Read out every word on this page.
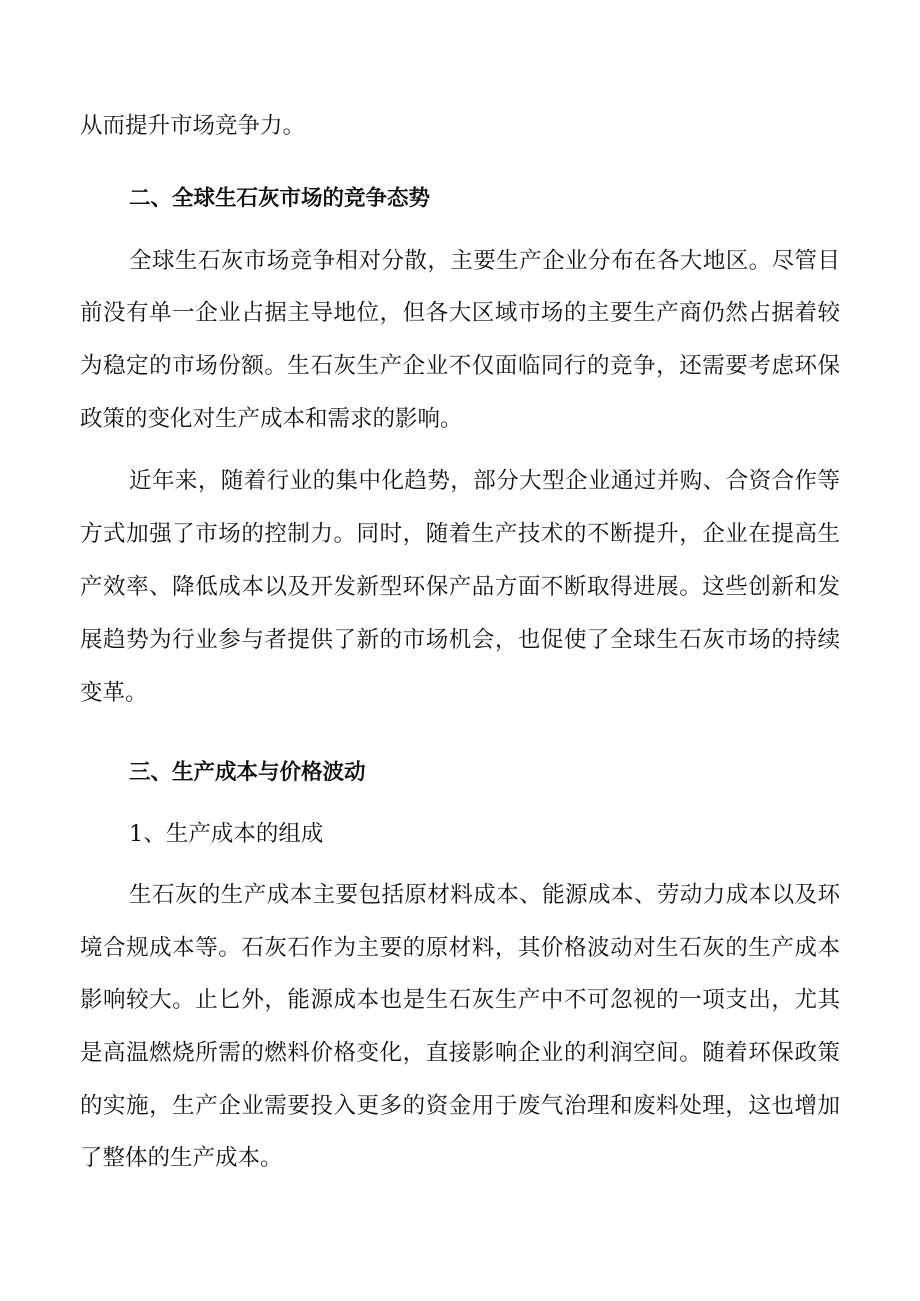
从而提升市场竞争力。

二、全球生石灰市场的竞争态势

全球生石灰市场竞争相对分散，主要生产企业分布在各大地区。尽管目

前没有单一企业占据主导地位，但各大区域市场的主要生产商仍然占据着较

为稳定的市场份额。生石灰生产企业不仅面临同行的竞争，还需要考虑环保

政策的变化对生产成本和需求的影响。

近年来，随着行业的集中化趋势，部分大型企业通过并购、合资合作等

方式加强了市场的控制力。同时，随着生产技术的不断提升，企业在提高生

产效率、降低成本以及开发新型环保产品方面不断取得进展。这些创新和发

展趋势为行业参与者提供了新的市场机会，也促使了全球生石灰市场的持续

变革。

三、生产成本与价格波动

1、生产成本的组成

生石灰的生产成本主要包括原材料成本、能源成本、劳动力成本以及环

境合规成本等。石灰石作为主要的原材料，其价格波动对生石灰的生产成本

影响较大。止匕外，能源成本也是生石灰生产中不可忽视的一项支出，尤其

是高温燃烧所需的燃料价格变化，直接影响企业的利润空间。随着环保政策

的实施，生产企业需要投入更多的资金用于废气治理和废料处理，这也增加

了整体的生产成本。
